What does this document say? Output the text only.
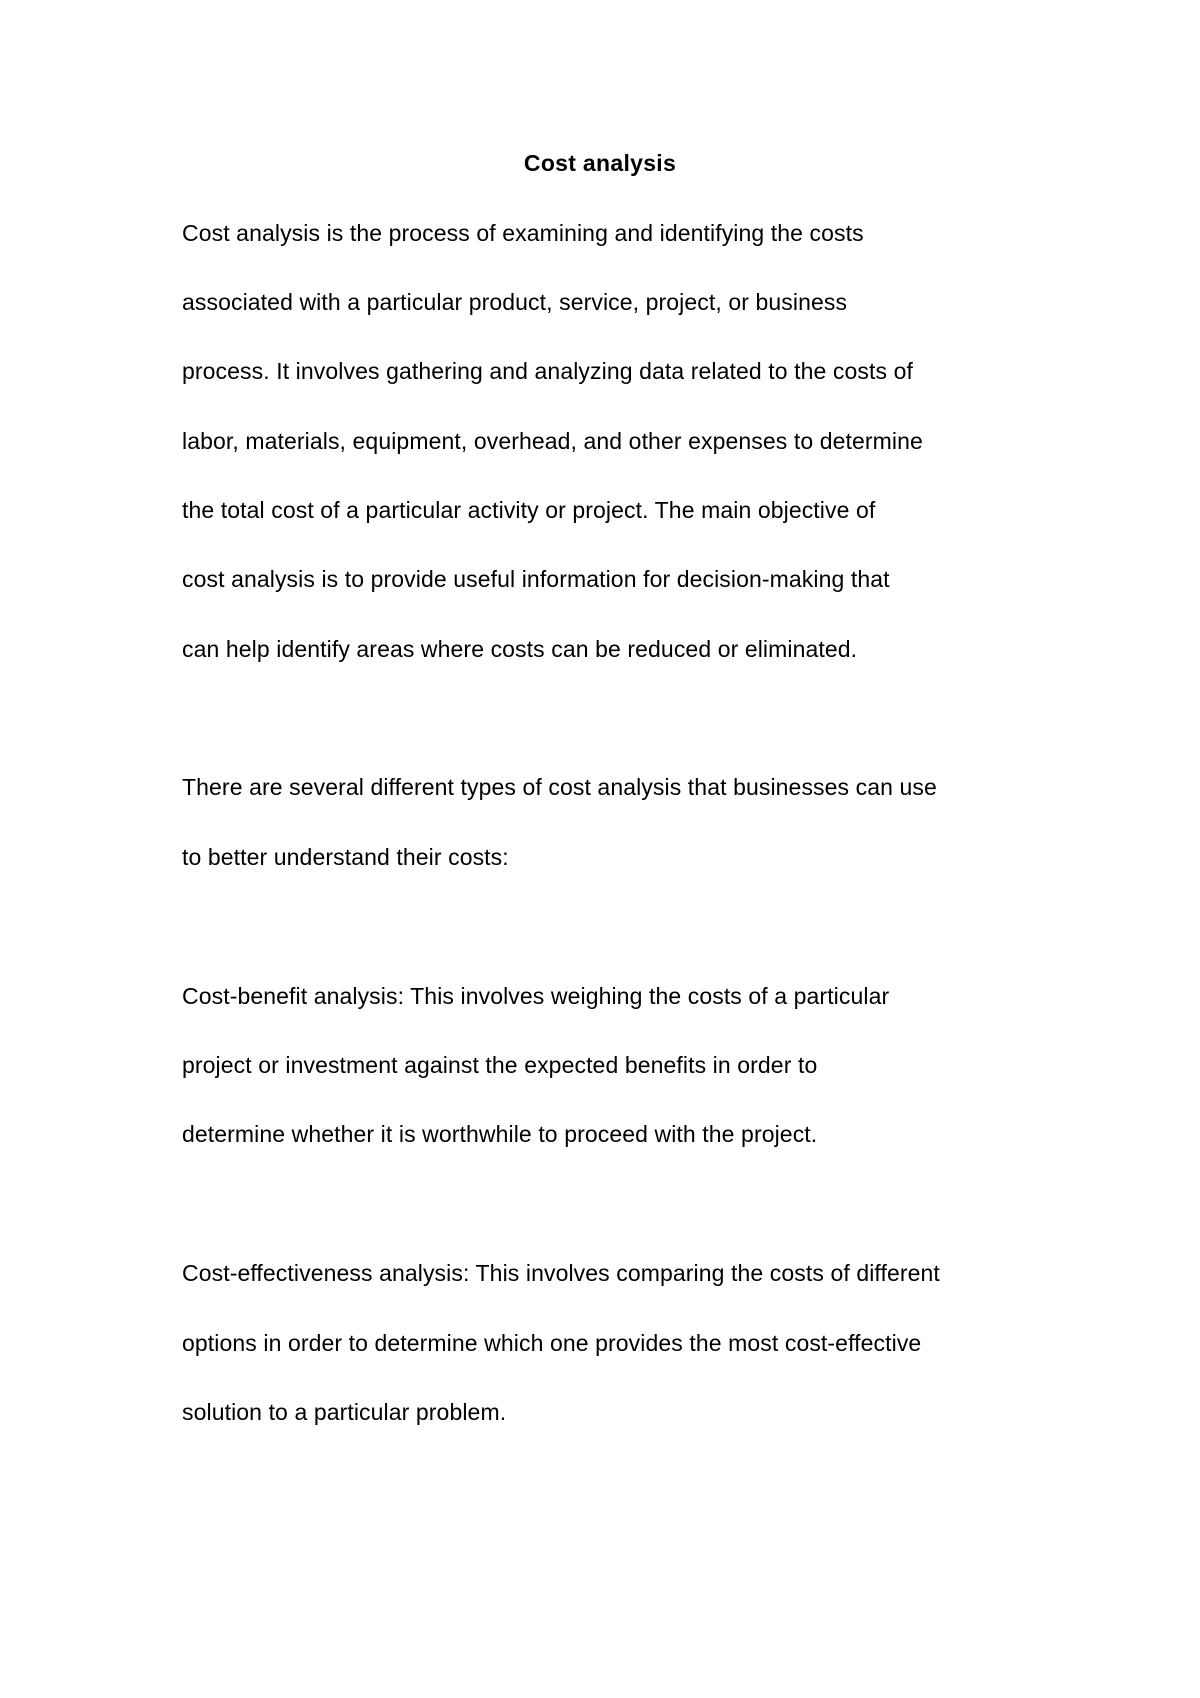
Cost analysis

Cost analysis is the process of examining and identifying the costs

associated with a particular product, service, project, or business

process. It involves gathering and analyzing data related to the costs of

labor, materials, equipment, overhead, and other expenses to determine

the total cost of a particular activity or project. The main objective of

cost analysis is to provide useful information for decision-making that

can help identify areas where costs can be reduced or eliminated.

There are several different types of cost analysis that businesses can use

to better understand their costs:

Cost-benefit analysis: This involves weighing the costs of a particular

project or investment against the expected benefits in order to

determine whether it is worthwhile to proceed with the project.

Cost-effectiveness analysis: This involves comparing the costs of different

options in order to determine which one provides the most cost-effective

solution to a particular problem.
